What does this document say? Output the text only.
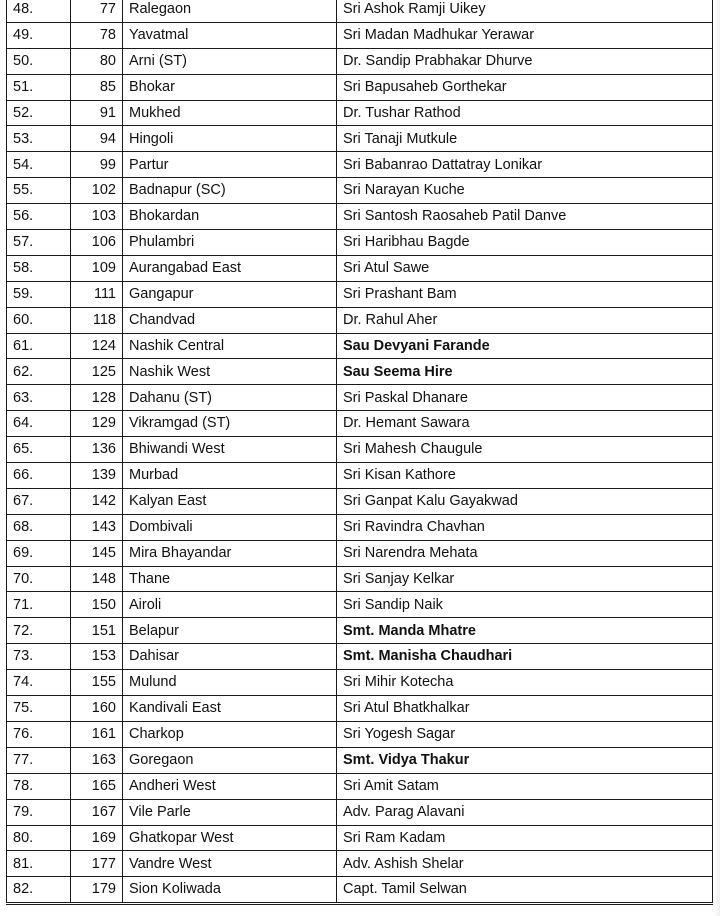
48.	77	Ralegaon	Sri Ashok Ramji Uikey
49.	78	Yavatmal	Sri Madan Madhukar Yerawar
50.	80	Arni (ST)	Dr. Sandip Prabhakar Dhurve
51.	85	Bhokar	Sri Bapusaheb Gorthekar
52.	91	Mukhed	Dr. Tushar Rathod
53.	94	Hingoli	Sri Tanaji Mutkule
54.	99	Partur	Sri Babanrao Dattatray Lonikar
55.	102	Badnapur (SC)	Sri Narayan Kuche
56.	103	Bhokardan	Sri Santosh Raosaheb Patil Danve
57.	106	Phulambri	Sri Haribhau Bagde
58.	109	Aurangabad East	Sri Atul Sawe
59.	111	Gangapur	Sri Prashant Bam
60.	118	Chandvad	Dr. Rahul Aher
61.	124	Nashik Central	Sau Devyani Farande
62.	125	Nashik West	Sau Seema Hire
63.	128	Dahanu (ST)	Sri Paskal Dhanare
64.	129	Vikramgad (ST)	Dr. Hemant Sawara
65.	136	Bhiwandi West	Sri Mahesh Chaugule
66.	139	Murbad	Sri Kisan Kathore
67.	142	Kalyan East	Sri Ganpat Kalu Gayakwad
68.	143	Dombivali	Sri Ravindra Chavhan
69.	145	Mira Bhayandar	Sri Narendra Mehata
70.	148	Thane	Sri Sanjay Kelkar
71.	150	Airoli	Sri Sandip Naik
72.	151	Belapur	Smt. Manda Mhatre
73.	153	Dahisar	Smt. Manisha Chaudhari
74.	155	Mulund	Sri Mihir Kotecha
75.	160	Kandivali East	Sri Atul Bhatkhalkar
76.	161	Charkop	Sri Yogesh Sagar
77.	163	Goregaon	Smt. Vidya Thakur
78.	165	Andheri West	Sri Amit Satam
79.	167	Vile Parle	Adv. Parag Alavani
80.	169	Ghatkopar West	Sri Ram Kadam
81.	177	Vandre West	Adv. Ashish Shelar
82.	179	Sion Koliwada	Capt. Tamil Selwan
